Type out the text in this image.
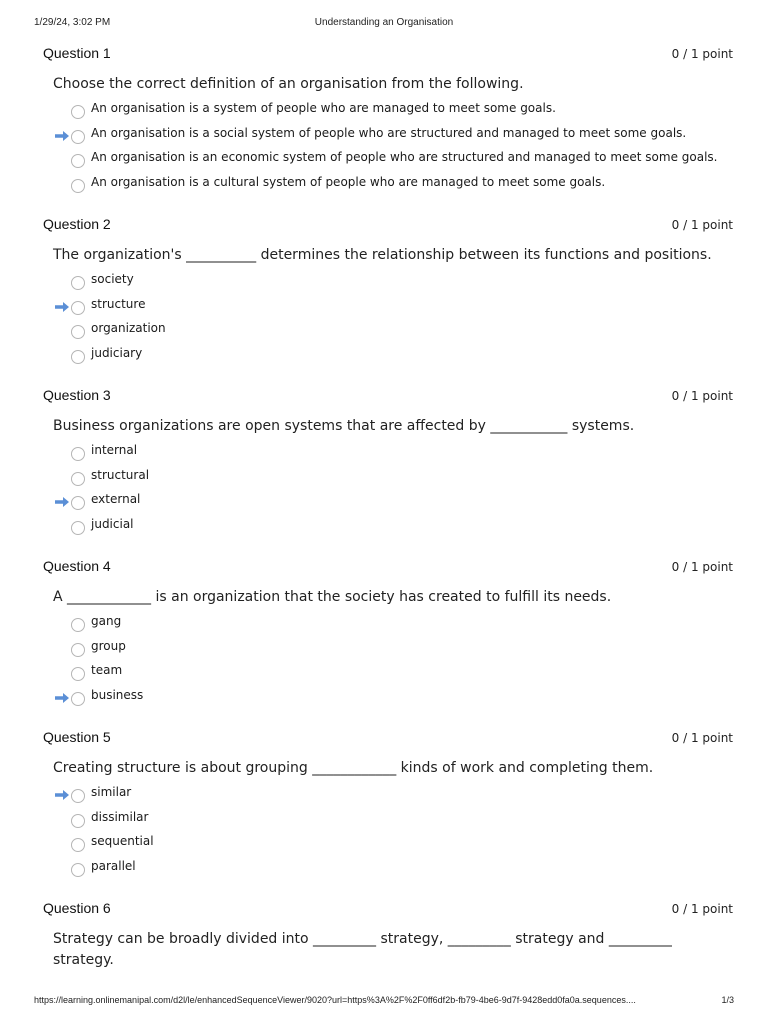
1/29/24, 3:02 PM	Understanding an Organisation
Question 1	0 / 1 point
Choose the correct definition of an organisation from the following.
An organisation is a system of people who are managed to meet some goals.
An organisation is a social system of people who are structured and managed to meet some goals.
An organisation is an economic system of people who are structured and managed to meet some goals.
An organisation is a cultural system of people who are managed to meet some goals.
Question 2	0 / 1 point
The organization's __________ determines the relationship between its functions and positions.
society
structure
organization
judiciary
Question 3	0 / 1 point
Business organizations are open systems that are affected by ___________ systems.
internal
structural
external
judicial
Question 4	0 / 1 point
A ____________ is an organization that the society has created to fulfill its needs.
gang
group
team
business
Question 5	0 / 1 point
Creating structure is about grouping ____________ kinds of work and completing them.
similar
dissimilar
sequential
parallel
Question 6	0 / 1 point
Strategy can be broadly divided into _________ strategy, _________ strategy and _________ strategy.
https://learning.onlinemanipal.com/d2l/le/enhancedSequenceViewer/9020?url=https%3A%2F%2F0ff6df2b-fb79-4be6-9d7f-9428edd0fa0a.sequences....	1/3
